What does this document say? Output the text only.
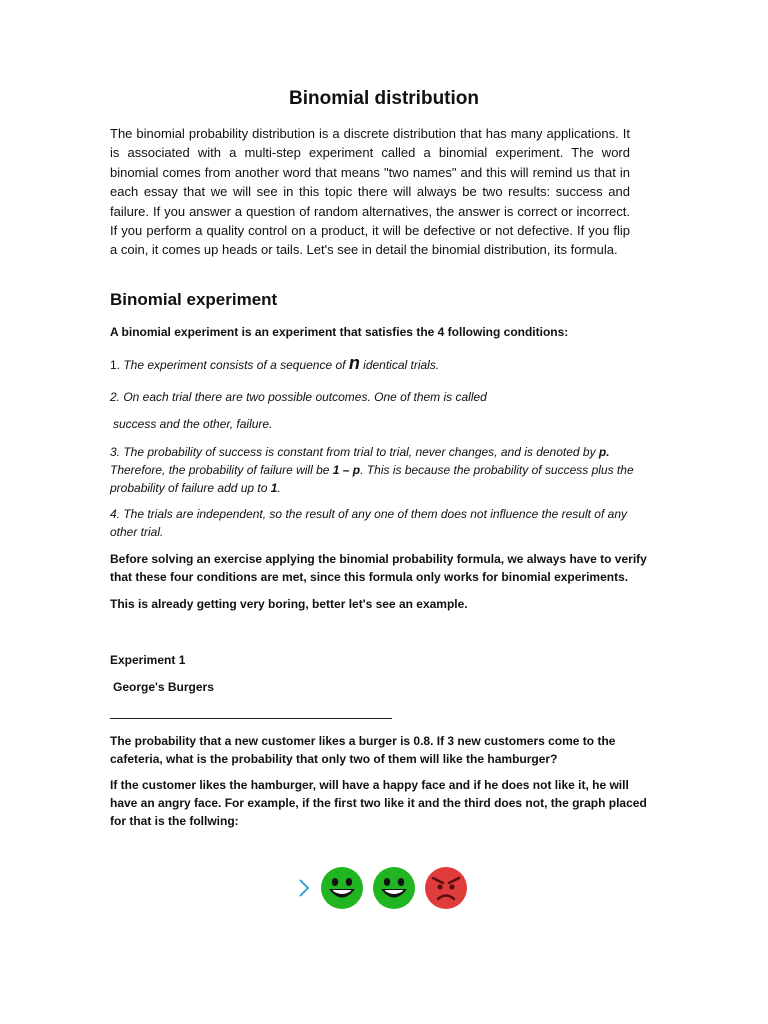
Binomial distribution

The binomial probability distribution is a discrete distribution that has many applications. It is associated with a multi-step experiment called a binomial experiment. The word binomial comes from another word that means "two names" and this will remind us that in each essay that we will see in this topic there will always be two results: success and failure. If you answer a question of random alternatives, the answer is correct or incorrect. If you perform a quality control on a product, it will be defective or not defective. If you flip a coin, it comes up heads or tails. Let's see in detail the binomial distribution, its formula.

Binomial experiment

A binomial experiment is an experiment that satisfies the 4 following conditions:

1. The experiment consists of a sequence of n identical trials.

2. On each trial there are two possible outcomes. One of them is called

success and the other, failure.

3. The probability of success is constant from trial to trial, never changes, and is denoted by p. Therefore, the probability of failure will be 1 – p. This is because the probability of success plus the probability of failure add up to 1.

4. The trials are independent, so the result of any one of them does not influence the result of any other trial.

Before solving an exercise applying the binomial probability formula, we always have to verify that these four conditions are met, since this formula only works for binomial experiments.

This is already getting very boring, better let's see an example.

Experiment 1

George's Burgers

The probability that a new customer likes a burger is 0.8. If 3 new customers come to the cafeteria, what is the probability that only two of them will like the hamburger?

If the customer likes the hamburger, will have a happy face and if he does not like it, he will have an angry face. For example, if the first two like it and the third does not, the graph placed for that is the follwing:
